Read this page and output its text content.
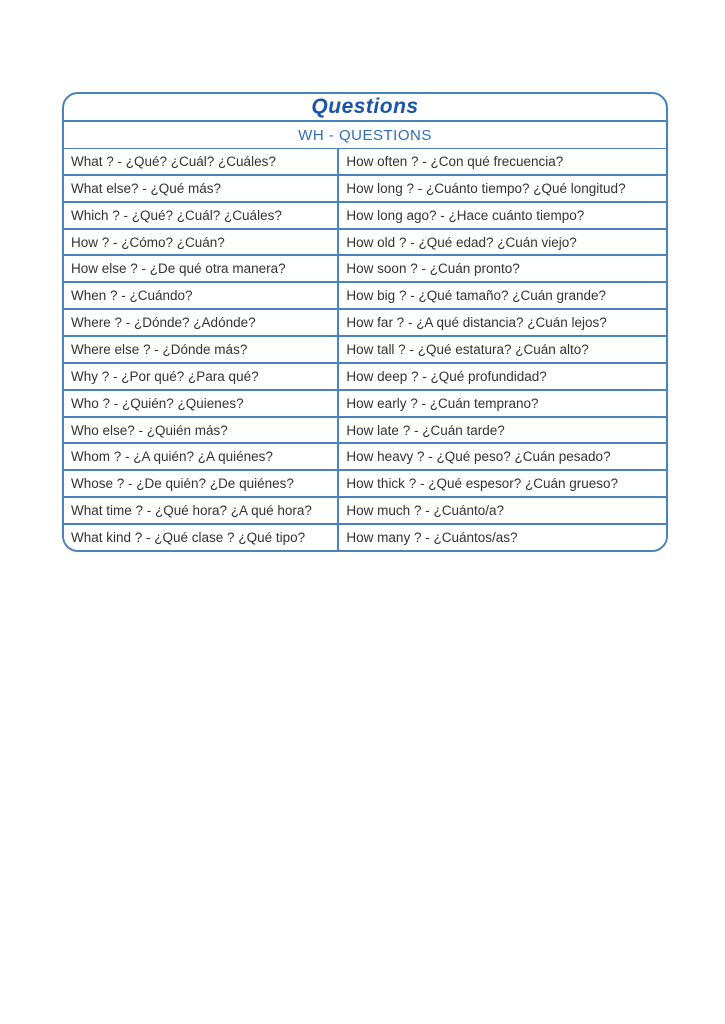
Questions
WH - QUESTIONS
What ? - ¿Qué? ¿Cuál? ¿Cuáles?	How often ? - ¿Con qué frecuencia?
What else? - ¿Qué más?	How long ? - ¿Cuánto tiempo? ¿Qué longitud?
Which ? - ¿Qué? ¿Cuál? ¿Cuáles?	How long ago? - ¿Hace cuánto tiempo?
How ? - ¿Cómo? ¿Cuán?	How old ? - ¿Qué edad? ¿Cuán viejo?
How else ? - ¿De qué otra manera?	How soon ? - ¿Cuán pronto?
When ? - ¿Cuándo?	How big ? - ¿Qué tamaño? ¿Cuán grande?
Where ? - ¿Dónde? ¿Adónde?	How far ? - ¿A qué distancia? ¿Cuán lejos?
Where else ? - ¿Dónde más?	How tall ? - ¿Qué estatura? ¿Cuán alto?
Why ? - ¿Por qué? ¿Para qué?	How deep ? - ¿Qué profundidad?
Who ? - ¿Quién? ¿Quienes?	How early ? - ¿Cuán temprano?
Who else? - ¿Quién más?	How late ? - ¿Cuán tarde?
Whom ? - ¿A quién? ¿A quiénes?	How heavy ? - ¿Qué peso? ¿Cuán pesado?
Whose ? - ¿De quién? ¿De quiénes?	How thick ? - ¿Qué espesor? ¿Cuán grueso?
What time ? - ¿Qué hora? ¿A qué hora?	How much ? - ¿Cuánto/a?
What kind ? - ¿Qué clase ? ¿Qué tipo?	How many ? - ¿Cuántos/as?
